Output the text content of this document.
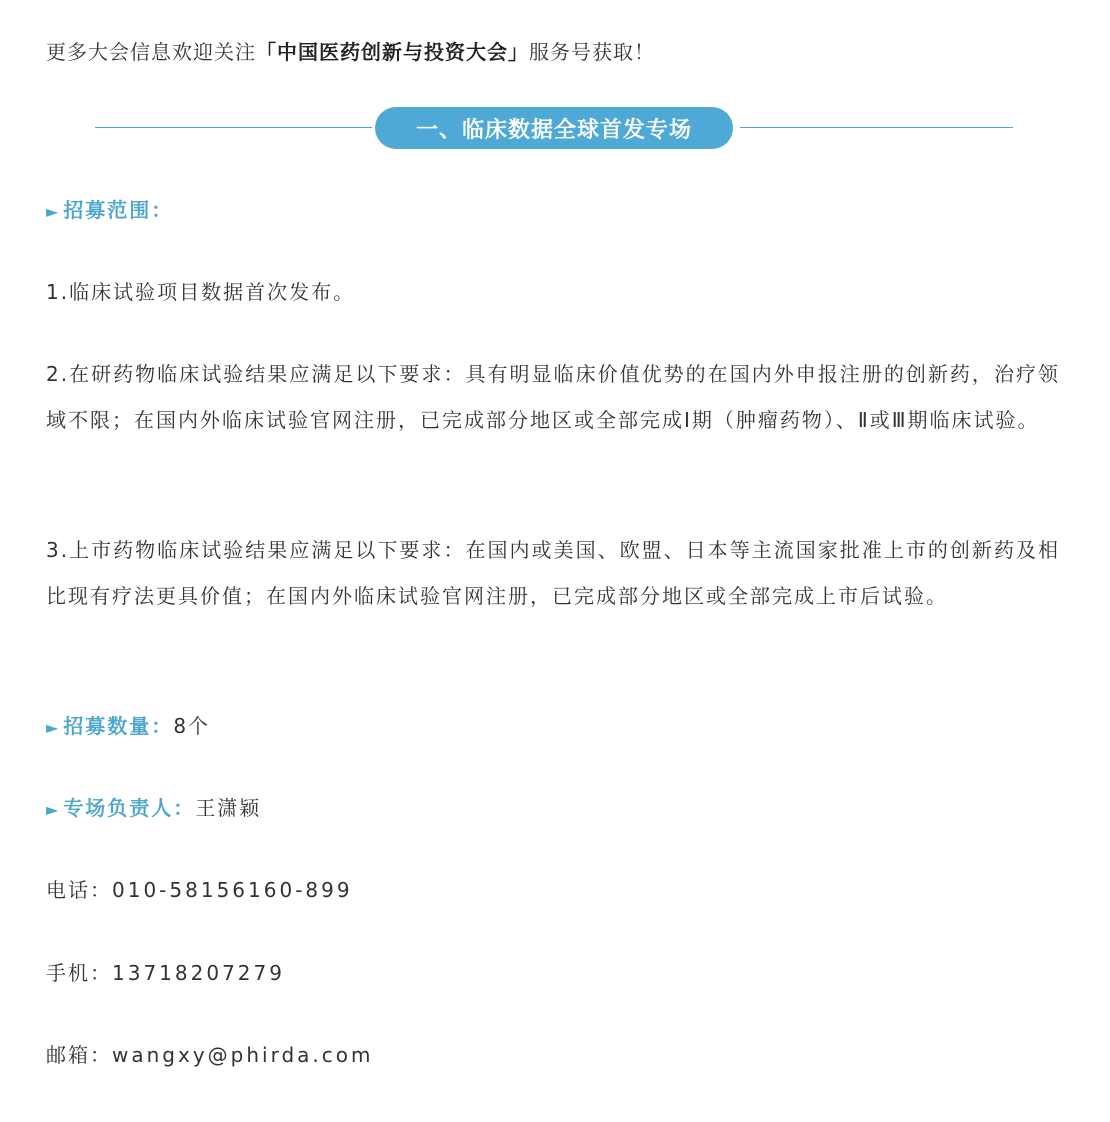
更多大会信息欢迎关注「中国医药创新与投资大会」服务号获取！
一、临床数据全球首发专场
► 招募范围：
1.临床试验项目数据首次发布。
2.在研药物临床试验结果应满足以下要求：具有明显临床价值优势的在国内外申报注册的创新药，治疗领域不限；在国内外临床试验官网注册，已完成部分地区或全部完成Ⅰ期（肿瘤药物）、Ⅱ或Ⅲ期临床试验。
3.上市药物临床试验结果应满足以下要求：在国内或美国、欧盟、日本等主流国家批准上市的创新药及相比现有疗法更具价值；在国内外临床试验官网注册，已完成部分地区或全部完成上市后试验。
► 招募数量：8个
► 专场负责人：王潇颖
电话：010-58156160-899
手机：13718207279
邮箱：wangxy@phirda.com
